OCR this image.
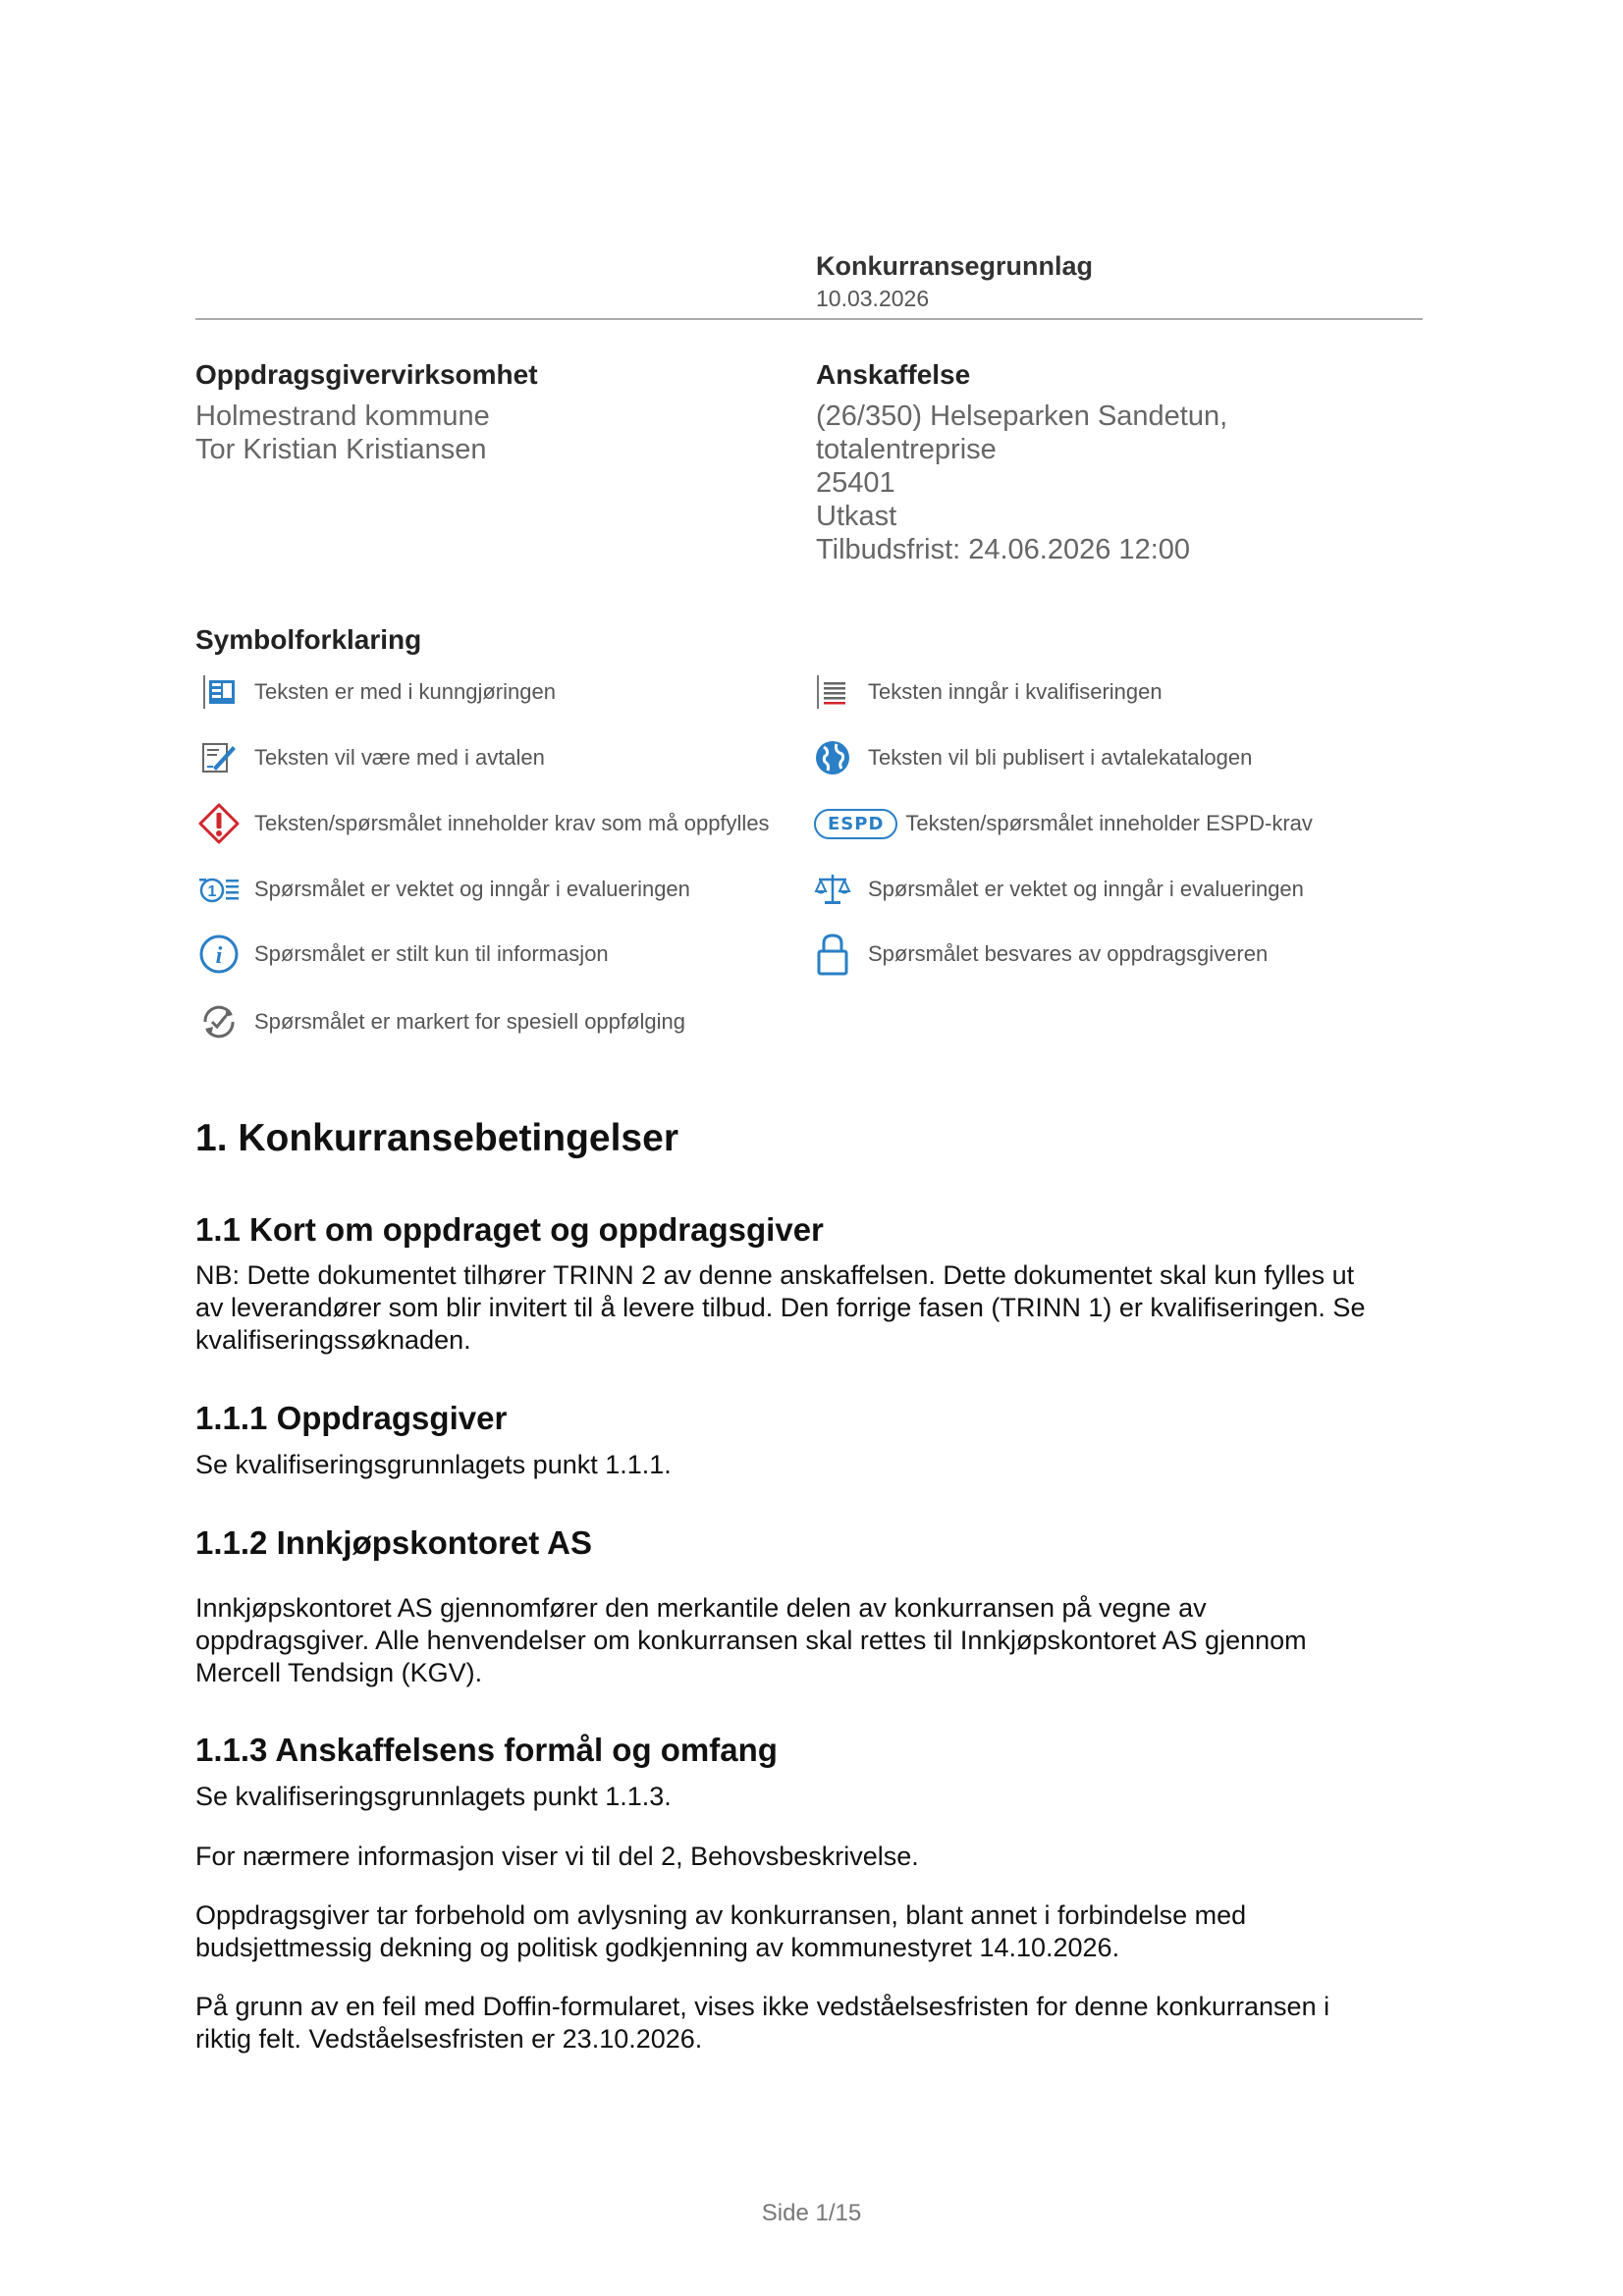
Konkurransegrunnlag
10.03.2026
Oppdragsgivervirksomhet
Holmestrand kommune
Tor Kristian Kristiansen
Anskaffelse
(26/350) Helseparken Sandetun,
totalentreprise
25401
Utkast
Tilbudsfrist: 24.06.2026 12:00
Symbolforklaring
Teksten er med i kunngjøringen	Teksten inngår i kvalifiseringen
Teksten vil være med i avtalen	Teksten vil bli publisert i avtalekatalogen
Teksten/spørsmålet inneholder krav som må oppfylles	ESPD	Teksten/spørsmålet inneholder ESPD-krav
1 Spørsmålet er vektet og inngår i evalueringen	Spørsmålet er vektet og inngår i evalueringen
i Spørsmålet er stilt kun til informasjon	Spørsmålet besvares av oppdragsgiveren
Spørsmålet er markert for spesiell oppfølging
1. Konkurransebetingelser
1.1 Kort om oppdraget og oppdragsgiver
NB: Dette dokumentet tilhører TRINN 2 av denne anskaffelsen. Dette dokumentet skal kun fylles ut
av leverandører som blir invitert til å levere tilbud. Den forrige fasen (TRINN 1) er kvalifiseringen. Se
kvalifiseringssøknaden.
1.1.1 Oppdragsgiver
Se kvalifiseringsgrunnlagets punkt 1.1.1.
1.1.2 Innkjøpskontoret AS
Innkjøpskontoret AS gjennomfører den merkantile delen av konkurransen på vegne av
oppdragsgiver. Alle henvendelser om konkurransen skal rettes til Innkjøpskontoret AS gjennom
Mercell Tendsign (KGV).
1.1.3 Anskaffelsens formål og omfang
Se kvalifiseringsgrunnlagets punkt 1.1.3.
For nærmere informasjon viser vi til del 2, Behovsbeskrivelse.
Oppdragsgiver tar forbehold om avlysning av konkurransen, blant annet i forbindelse med
budsjettmessig dekning og politisk godkjenning av kommunestyret 14.10.2026.
På grunn av en feil med Doffin-formularet, vises ikke vedståelsesfristen for denne konkurransen i
riktig felt. Vedståelsesfristen er 23.10.2026.
Side 1/15
